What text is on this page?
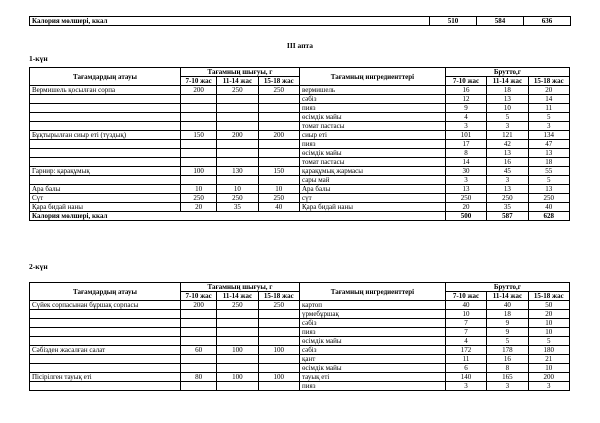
Калория мөлшері, ккал	510	584	636
III апта
1-күн
Тағамдардың атауы	Тағамның шығуы, г			Тағамның ингредиенттері	Брутто,г		
	7-10 жас	11-14 жас	15-18 жас		7-10 жас	11-14 жас	15-18 жас
Вермишель қосылған сорпа	200	250	250	вермишель	16	18	20
				сәбіз	12	13	14
				пияз	9	10	11
				өсімдік майы	4	5	5
				томат пастасы	3	3	3
Бұқтырылған сиыр еті (түздық)	150	200	200	сиыр еті	101	121	134
				пияз	17	42	47
				өсімдік майы	8	13	13
				томат пастасы	14	16	18
Гарнир: қарақұмық	100	130	150	қарақұмық жармасы	30	45	55
				сары май	3	3	5
Ара балы	10	10	10	Ара балы	13	13	13
Сүт	250	250	250	сүт	250	250	250
Қара бидай наны	20	35	40	Қара бидай наны	20	35	40
Калория мөлшері, ккал					500	587	628
2-күн
Тағамдардың атауы	Тағамның шығуы, г			Тағамның ингредиенттері	Брутто,г		
	7-10 жас	11-14 жас	15-18 жас		7-10 жас	11-14 жас	15-18 жас
Сүйек сорпасынан бұршақ сорпасы	200	250	250	картоп	40	40	50
				үрмебұршақ	10	18	20
				сәбіз	7	9	10
				пияз	7	9	10
				өсімдік майы	4	5	5
Сәбізден жасалған салат	60	100	100	сәбіз	172	178	180
				қант	11	16	21
				өсімдік майы	6	8	10
Пісірілген тауық еті	80	100	100	тауық еті	140	165	200
				пияз	3	3	3
